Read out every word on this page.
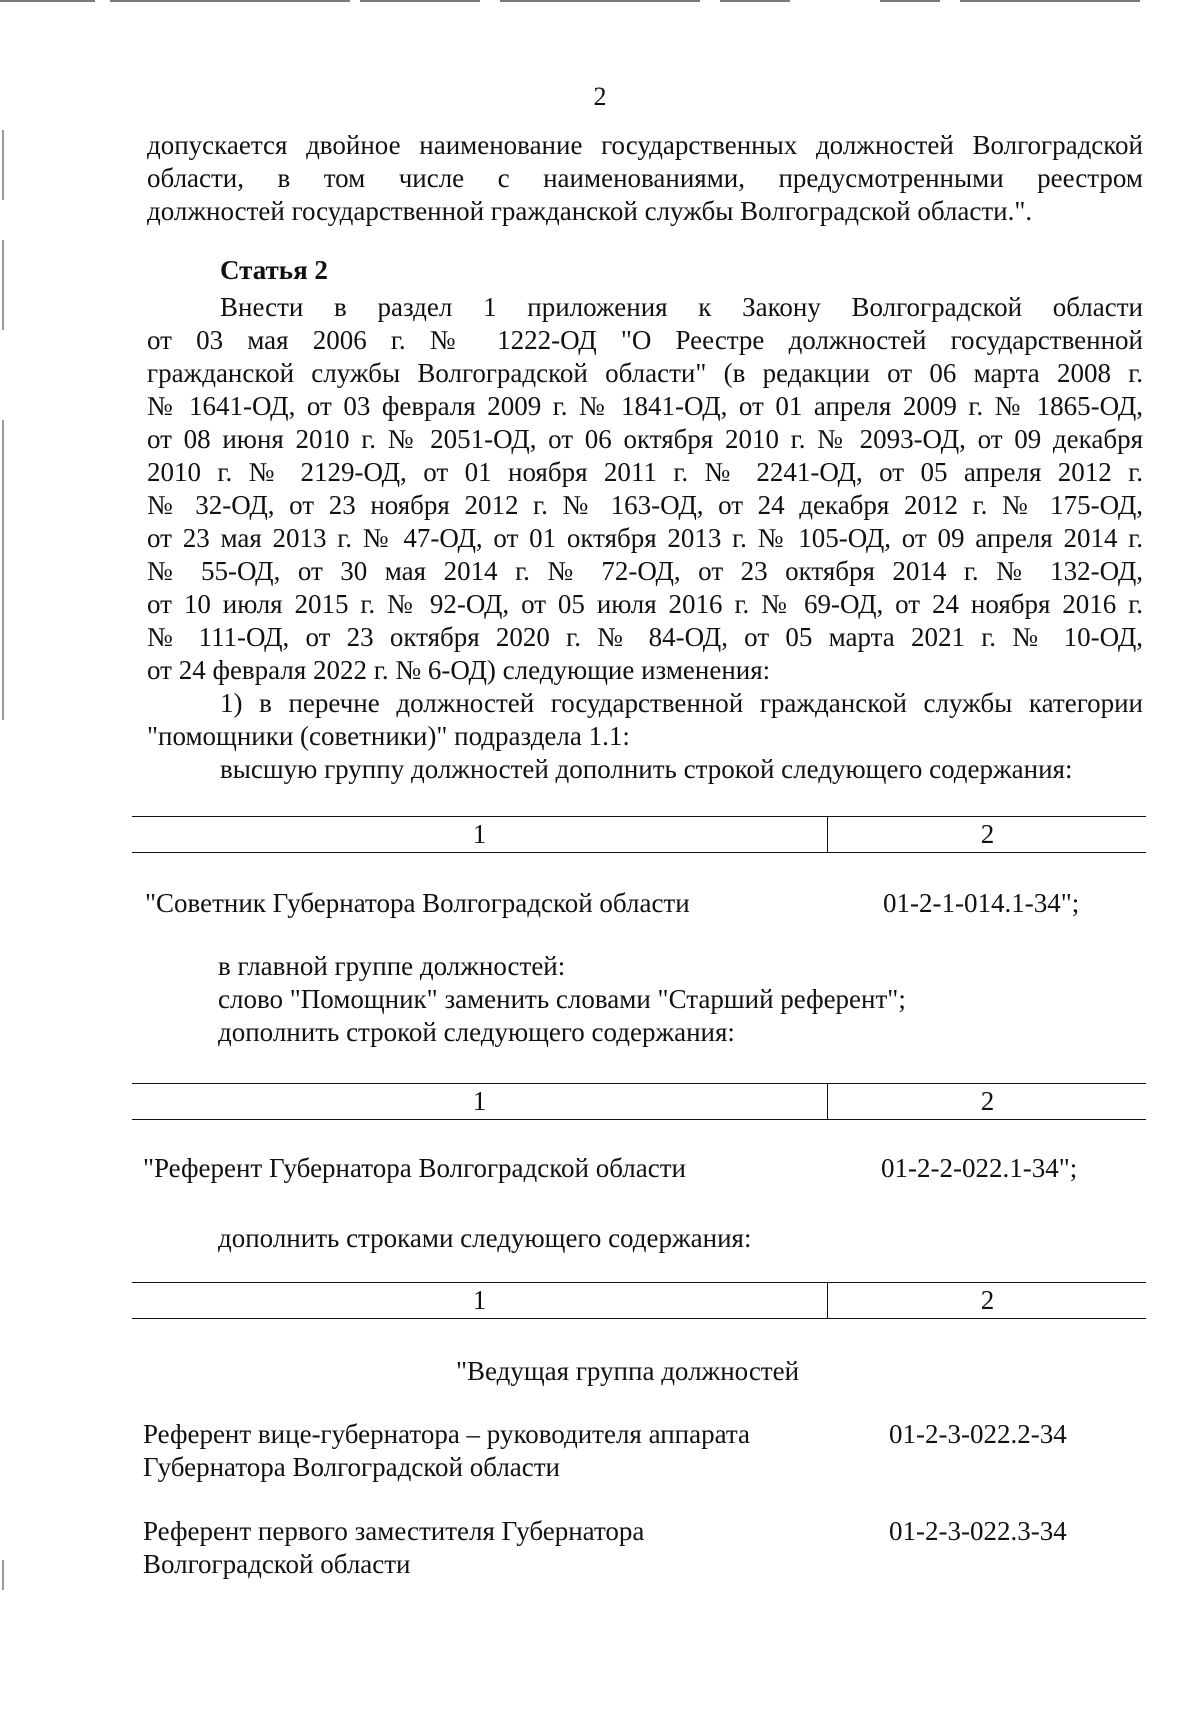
2
допускается двойное наименование государственных должностей Волгоградской
области, в том числе с наименованиями, предусмотренными реестром
должностей государственной гражданской службы Волгоградской области.".
Статья 2
Внести в раздел 1 приложения к Закону Волгоградской области
от 03 мая 2006 г. № 1222-ОД "О Реестре должностей государственной
гражданской службы Волгоградской области" (в редакции от 06 марта 2008 г.
№ 1641-ОД, от 03 февраля 2009 г. № 1841-ОД, от 01 апреля 2009 г. № 1865-ОД,
от 08 июня 2010 г. № 2051-ОД, от 06 октября 2010 г. № 2093-ОД, от 09 декабря
2010 г. № 2129-ОД, от 01 ноября 2011 г. № 2241-ОД, от 05 апреля 2012 г.
№ 32-ОД, от 23 ноября 2012 г. № 163-ОД, от 24 декабря 2012 г. № 175-ОД,
от 23 мая 2013 г. № 47-ОД, от 01 октября 2013 г. № 105-ОД, от 09 апреля 2014 г.
№ 55-ОД, от 30 мая 2014 г. № 72-ОД, от 23 октября 2014 г. № 132-ОД,
от 10 июля 2015 г. № 92-ОД, от 05 июля 2016 г. № 69-ОД, от 24 ноября 2016 г.
№ 111-ОД, от 23 октября 2020 г. № 84-ОД, от 05 марта 2021 г. № 10-ОД,
от 24 февраля 2022 г. № 6-ОД) следующие изменения:
1) в перечне должностей государственной гражданской службы категории
"помощники (советники)" подраздела 1.1:
высшую группу должностей дополнить строкой следующего содержания:
1	2
"Советник Губернатора Волгоградской области	01-2-1-014.1-34";
в главной группе должностей:
слово "Помощник" заменить словами "Старший референт";
дополнить строкой следующего содержания:
1	2
"Референт Губернатора Волгоградской области	01-2-2-022.1-34";
дополнить строками следующего содержания:
1	2
"Ведущая группа должностей
Референт вице-губернатора – руководителя аппарата
Губернатора Волгоградской области
01-2-3-022.2-34
Референт первого заместителя Губернатора
Волгоградской области
01-2-3-022.3-34
